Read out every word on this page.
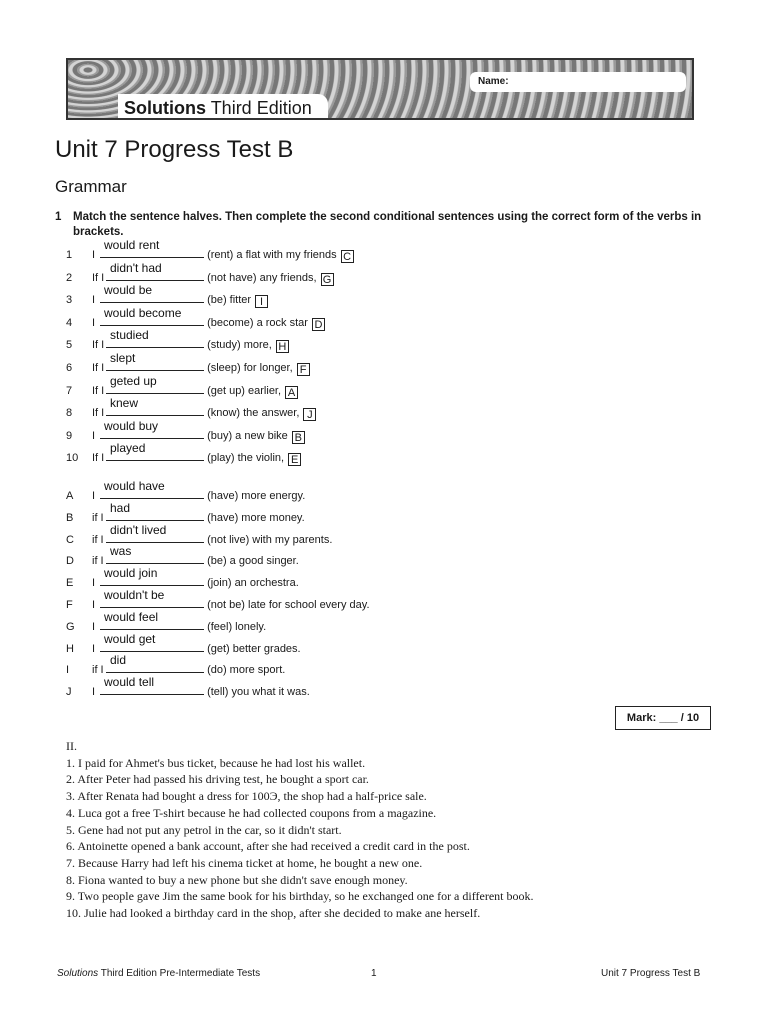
Solutions Third Edition
Name:
Unit 7 Progress Test B
Grammar
1 Match the sentence halves. Then complete the second conditional sentences using the correct form of the verbs in brackets.
1 I
would rent
(rent) a flat with my friends C
2 If I
didn't had
(not have) any friends, G
3 I
would be
(be) fitter I
4 I
would become
(become) a rock star D
5 If I
studied
(study) more, H
6 If I
slept
(sleep) for longer, F
7 If I
geted up
(get up) earlier, A
8 If I
knew
(know) the answer, J
9 I
would buy
(buy) a new bike B
10 If I
played
(play) the violin, E
A I
would have
(have) more energy.
B if I
had
(have) more money.
C if I
didn't lived
(not live) with my parents.
D if I
was
(be) a good singer.
E I
would join
(join) an orchestra.
F I
wouldn't be
(not be) late for school every day.
G I
would feel
(feel) lonely.
H I
would get
(get) better grades.
I if I
did
(do) more sport.
J I
would tell
(tell) you what it was.
Mark: ___ / 10
II.
1. I paid for Ahmet's bus ticket, because he had lost his wallet.
2. After Peter had passed his driving test, he bought a sport car.
3. After Renata had bought a dress for 100Э, the shop had a half-price sale.
4. Luca got a free T-shirt because he had collected coupons from a magazine.
5. Gene had not put any petrol in the car, so it didn't start.
6. Antoinette opened a bank account, after she had received a credit card in the post.
7. Because Harry had left his cinema ticket at home, he bought a new one.
8. Fiona wanted to buy a new phone but she didn't save enough money.
9. Two people gave Jim the same book for his birthday, so he exchanged one for a different book.
10. Julie had looked a birthday card in the shop, after she decided to make ane herself.
Solutions Third Edition Pre-Intermediate Tests	1	Unit 7 Progress Test B
